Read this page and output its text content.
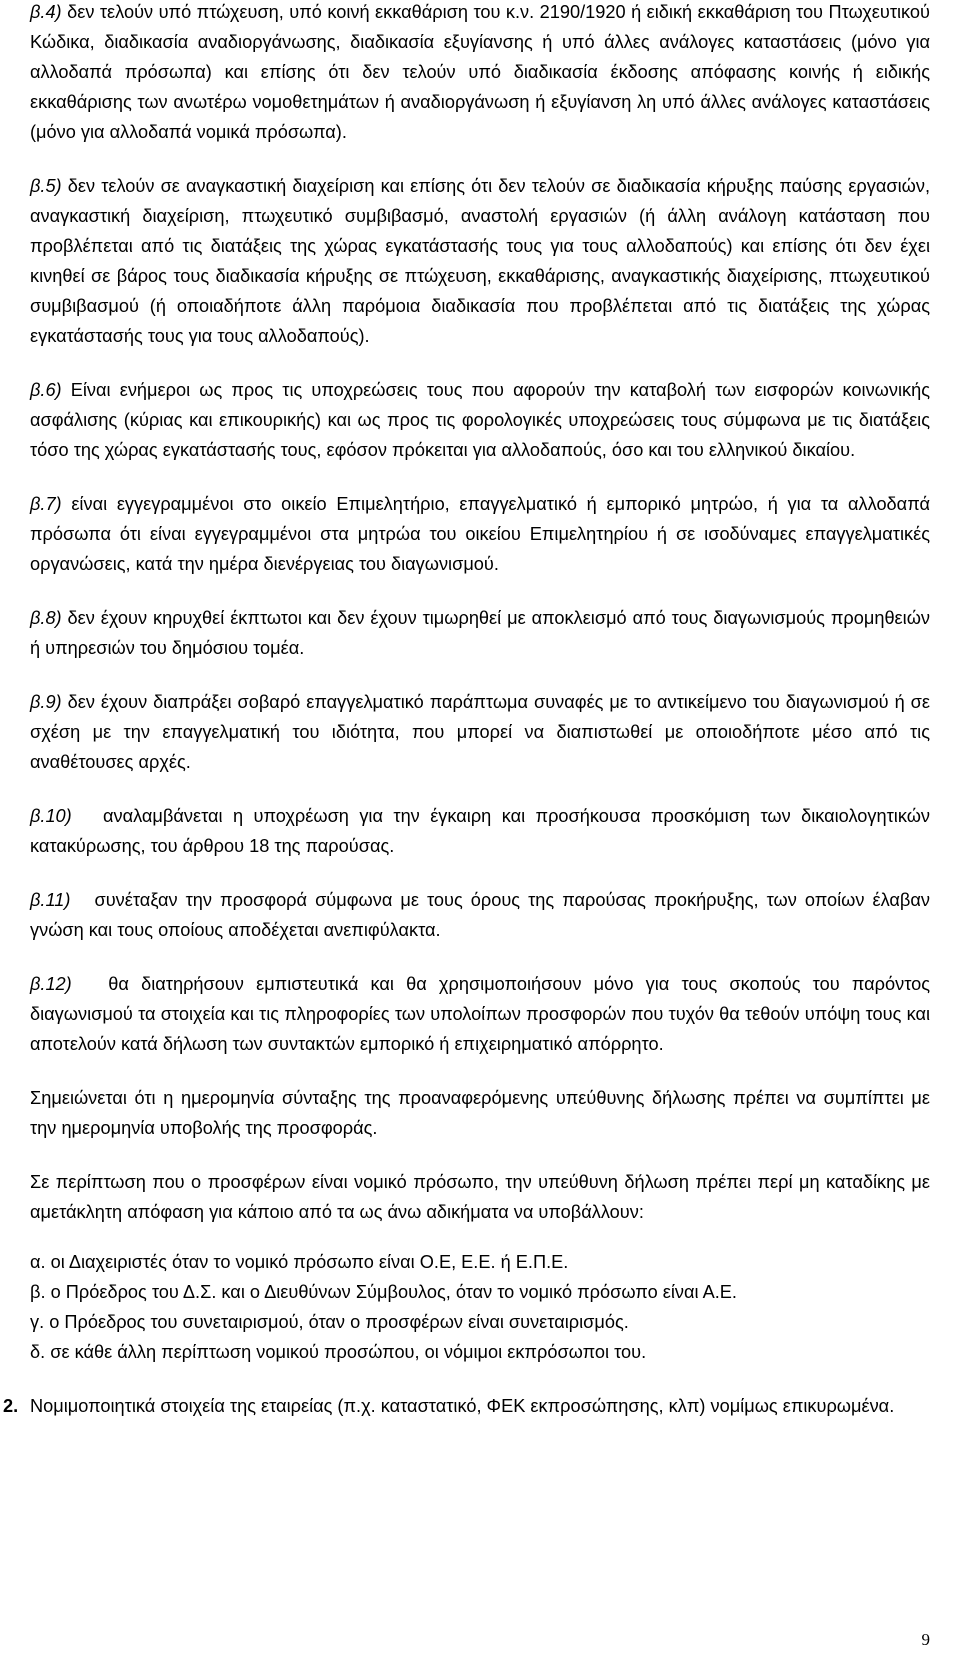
β.4) δεν τελούν υπό πτώχευση, υπό κοινή εκκαθάριση του κ.ν. 2190/1920 ή ειδική εκκαθάριση του Πτωχευτικού Κώδικα, διαδικασία αναδιοργάνωσης, διαδικασία εξυγίανσης ή υπό άλλες ανάλογες καταστάσεις (μόνο για αλλοδαπά πρόσωπα) και επίσης ότι δεν τελούν υπό διαδικασία έκδοσης απόφασης κοινής ή ειδικής εκκαθάρισης των ανωτέρω νομοθετημάτων ή αναδιοργάνωση ή εξυγίανση λη υπό άλλες ανάλογες καταστάσεις (μόνο για αλλοδαπά νομικά πρόσωπα).

β.5) δεν τελούν σε αναγκαστική διαχείριση και επίσης ότι δεν τελούν σε διαδικασία κήρυξης παύσης εργασιών, αναγκαστική διαχείριση, πτωχευτικό συμβιβασμό, αναστολή εργασιών (ή άλλη ανάλογη κατάσταση που προβλέπεται από τις διατάξεις της χώρας εγκατάστασής τους για τους αλλοδαπούς) και επίσης ότι δεν έχει κινηθεί σε βάρος τους διαδικασία κήρυξης σε πτώχευση, εκκαθάρισης, αναγκαστικής διαχείρισης, πτωχευτικού συμβιβασμού (ή οποιαδήποτε άλλη παρόμοια διαδικασία που προβλέπεται από τις διατάξεις της χώρας εγκατάστασής τους για τους αλλοδαπούς).

β.6) Είναι ενήμεροι ως προς τις υποχρεώσεις τους που αφορούν την καταβολή των εισφορών κοινωνικής ασφάλισης (κύριας και επικουρικής) και ως προς τις φορολογικές υποχρεώσεις τους σύμφωνα με τις διατάξεις τόσο της χώρας εγκατάστασής τους, εφόσον πρόκειται για αλλοδαπούς, όσο και του ελληνικού δικαίου.

β.7) είναι εγγεγραμμένοι στο οικείο Επιμελητήριο, επαγγελματικό ή εμπορικό μητρώο, ή για τα αλλοδαπά πρόσωπα ότι είναι εγγεγραμμένοι στα μητρώα του οικείου Επιμελητηρίου ή σε ισοδύναμες επαγγελματικές οργανώσεις, κατά την ημέρα διενέργειας του διαγωνισμού.

β.8) δεν έχουν κηρυχθεί έκπτωτοι και δεν έχουν τιμωρηθεί με αποκλεισμό από τους διαγωνισμούς προμηθειών ή υπηρεσιών του δημόσιου τομέα.

β.9) δεν έχουν διαπράξει σοβαρό επαγγελματικό παράπτωμα συναφές με το αντικείμενο του διαγωνισμού ή σε σχέση με την επαγγελματική του ιδιότητα, που μπορεί να διαπιστωθεί με οποιοδήποτε μέσο από τις αναθέτουσες αρχές.

β.10)   αναλαμβάνεται η υποχρέωση για την έγκαιρη και προσήκουσα προσκόμιση των δικαιολογητικών κατακύρωσης, του άρθρου 18 της παρούσας.

β.11)   συνέταξαν την προσφορά σύμφωνα με τους όρους της παρούσας προκήρυξης, των οποίων έλαβαν γνώση και τους οποίους αποδέχεται ανεπιφύλακτα.

β.12)   θα διατηρήσουν εμπιστευτικά και θα χρησιμοποιήσουν μόνο για τους σκοπούς του παρόντος διαγωνισμού τα στοιχεία και τις πληροφορίες των υπολοίπων προσφορών που τυχόν θα τεθούν υπόψη τους και αποτελούν κατά δήλωση των συντακτών εμπορικό ή επιχειρηματικό απόρρητο.

Σημειώνεται ότι η ημερομηνία σύνταξης της προαναφερόμενης υπεύθυνης δήλωσης πρέπει να συμπίπτει με την ημερομηνία υποβολής της προσφοράς.

Σε περίπτωση που ο προσφέρων είναι νομικό πρόσωπο, την υπεύθυνη δήλωση πρέπει περί μη καταδίκης με αμετάκλητη απόφαση για κάποιο από τα ως άνω αδικήματα να υποβάλλουν:

α. οι Διαχειριστές όταν το νομικό πρόσωπο είναι Ο.Ε, Ε.Ε. ή Ε.Π.Ε.
β. ο Πρόεδρος του Δ.Σ. και ο Διευθύνων Σύμβουλος, όταν το νομικό πρόσωπο είναι Α.Ε.
γ. ο Πρόεδρος του συνεταιρισμού, όταν ο προσφέρων είναι συνεταιρισμός.
δ. σε κάθε άλλη περίπτωση νομικού προσώπου, οι νόμιμοι εκπρόσωποι του.

2. Νομιμοποιητικά στοιχεία της εταιρείας (π.χ. καταστατικό, ΦΕΚ εκπροσώπησης, κλπ) νομίμως επικυρωμένα.

9
